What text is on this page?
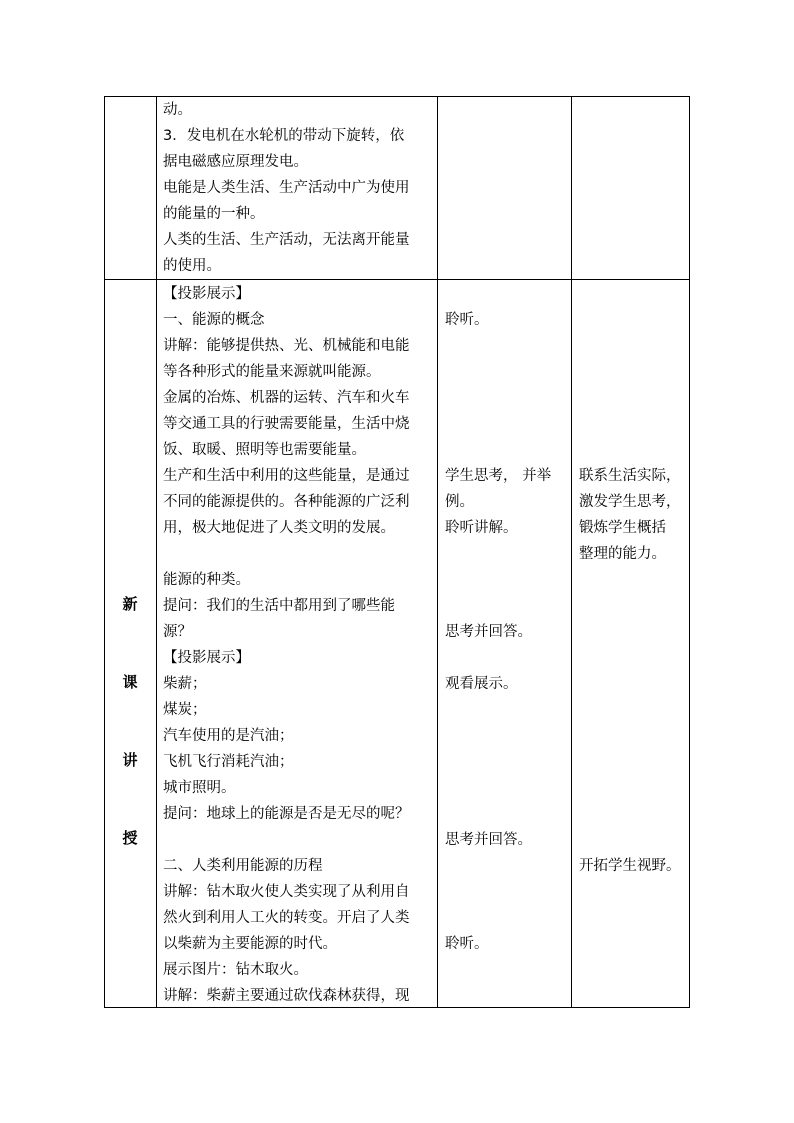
动。
3．发电机在水轮机的带动下旋转，依
据电磁感应原理发电。
电能是人类生活、生产活动中广为使用
的能量的一种。
人类的生活、生产活动，无法离开能量
的使用。
新
课
讲
授
【投影展示】
一、能源的概念
讲解：能够提供热、光、机械能和电能
等各种形式的能量来源就叫能源。
金属的冶炼、机器的运转、汽车和火车
等交通工具的行驶需要能量，生活中烧
饭、取暖、照明等也需要能量。
生产和生活中利用的这些能量，是通过
不同的能源提供的。各种能源的广泛利
用，极大地促进了人类文明的发展。
能源的种类。
提问：我们的生活中都用到了哪些能
源？
【投影展示】
柴薪；
煤炭；
汽车使用的是汽油；
飞机飞行消耗汽油；
城市照明。
提问：地球上的能源是否是无尽的呢？
二、人类利用能源的历程
讲解：钻木取火使人类实现了从利用自
然火到利用人工火的转变。开启了人类
以柴薪为主要能源的时代。
展示图片：钻木取火。
讲解：柴薪主要通过砍伐森林获得，现
聆听。
学生思考， 并举
例。
聆听讲解。
思考并回答。
观看展示。
思考并回答。
聆听。
联系生活实际，
激发学生思考，
锻炼学生概括
整理的能力。
开拓学生视野。
